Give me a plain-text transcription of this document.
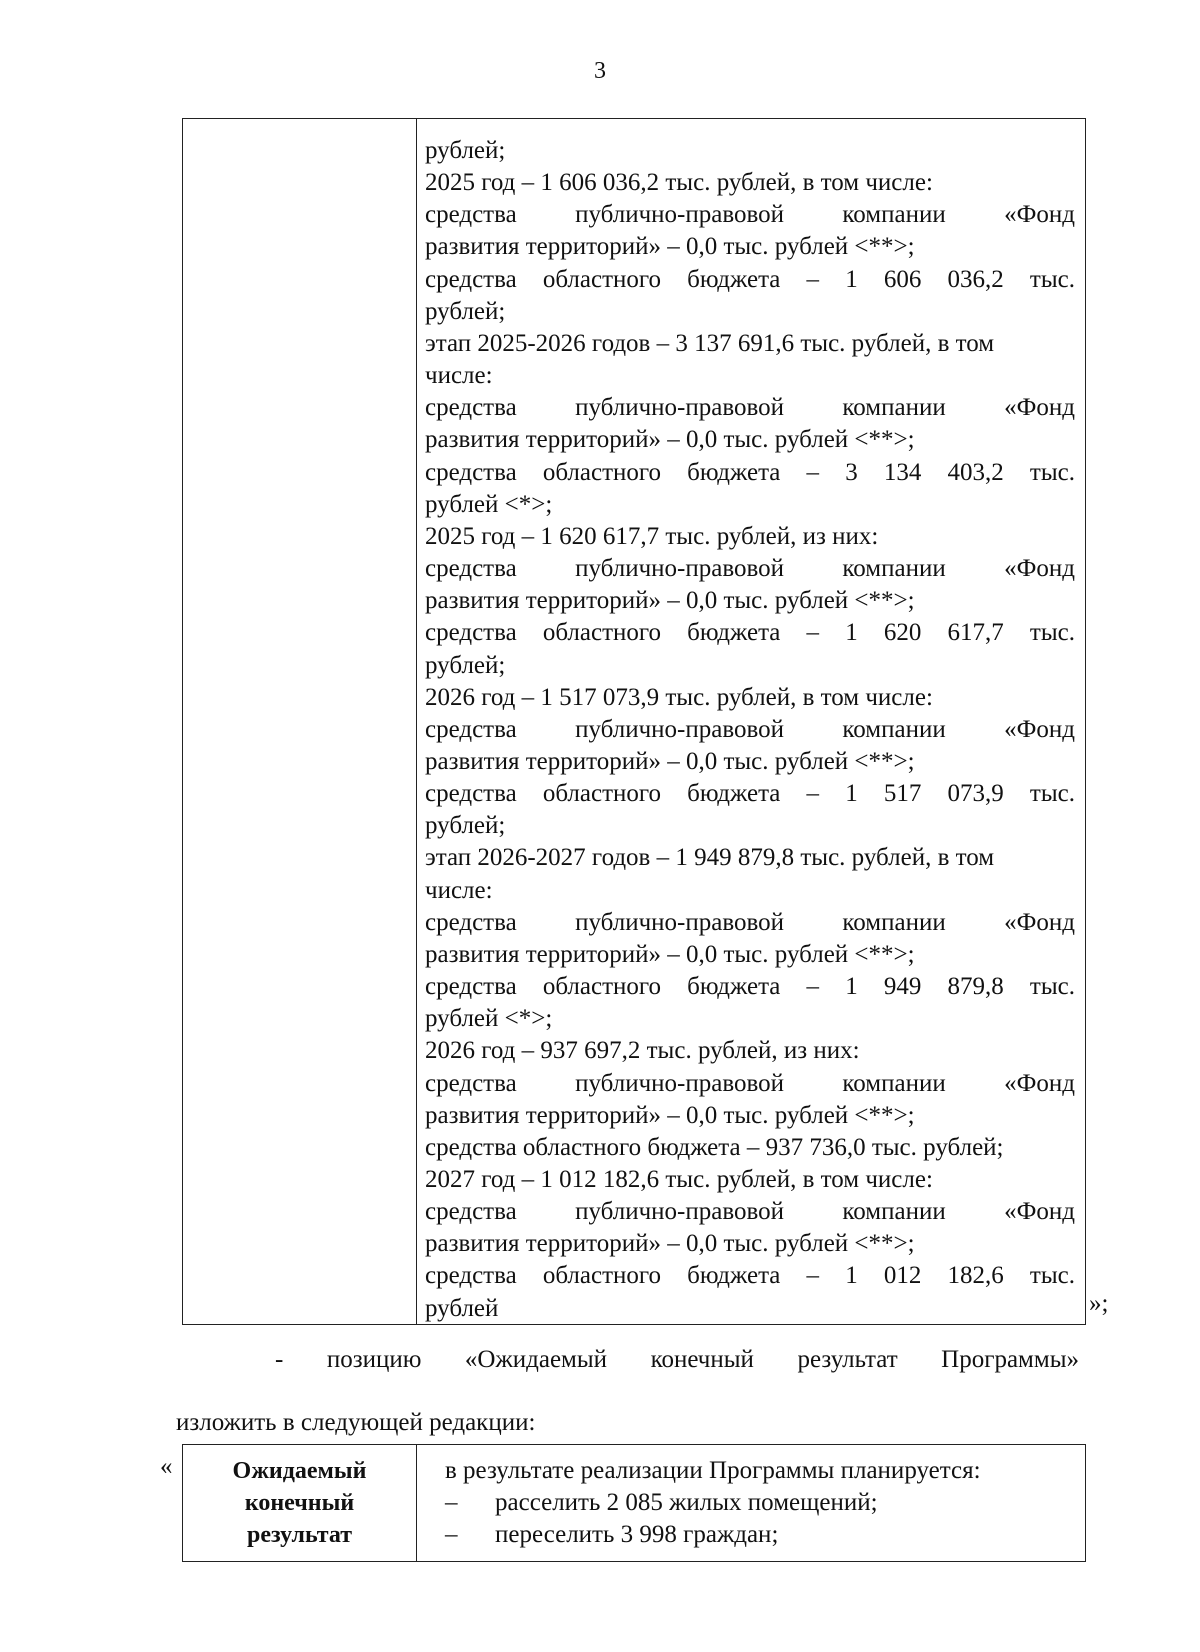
3
рублей;
2025 год – 1 606 036,2 тыс. рублей, в том числе:
средства публично-правовой компании «Фонд
развития территорий» – 0,0 тыс. рублей <**>;
средства областного бюджета – 1 606 036,2 тыс.
рублей;
этап 2025-2026 годов – 3 137 691,6 тыс. рублей, в том
числе:
средства публично-правовой компании «Фонд
развития территорий» – 0,0 тыс. рублей <**>;
средства областного бюджета – 3 134 403,2 тыс.
рублей <*>;
2025 год – 1 620 617,7 тыс. рублей, из них:
средства публично-правовой компании «Фонд
развития территорий» – 0,0 тыс. рублей <**>;
средства областного бюджета – 1 620 617,7 тыс.
рублей;
2026 год – 1 517 073,9 тыс. рублей, в том числе:
средства публично-правовой компании «Фонд
развития территорий» – 0,0 тыс. рублей <**>;
средства областного бюджета – 1 517 073,9 тыс.
рублей;
этап 2026-2027 годов – 1 949 879,8 тыс. рублей, в том
числе:
средства публично-правовой компании «Фонд
развития территорий» – 0,0 тыс. рублей <**>;
средства областного бюджета – 1 949 879,8 тыс.
рублей <*>;
2026 год – 937 697,2 тыс. рублей, из них:
средства публично-правовой компании «Фонд
развития территорий» – 0,0 тыс. рублей <**>;
средства областного бюджета – 937 736,0 тыс. рублей;
2027 год – 1 012 182,6 тыс. рублей, в том числе:
средства публично-правовой компании «Фонд
развития территорий» – 0,0 тыс. рублей <**>;
средства областного бюджета – 1 012 182,6 тыс.
рублей	»;
- позицию «Ожидаемый конечный результат Программы»
изложить в следующей редакции:
«	Ожидаемый
конечный
результат
в результате реализации Программы планируется:
–	расселить 2 085 жилых помещений;
–	переселить 3 998 граждан;
